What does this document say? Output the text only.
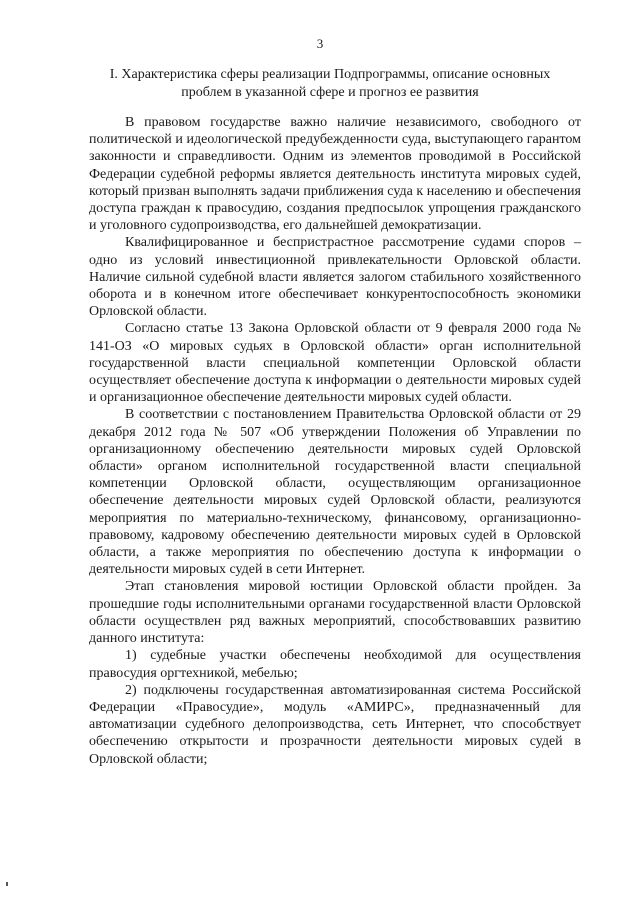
3
I. Характеристика сферы реализации Подпрограммы, описание основных
проблем в указанной сфере и прогноз ее развития

В правовом государстве важно наличие независимого, свободного от политической и идеологической предубежденности суда, выступающего гарантом законности и справедливости. Одним из элементов проводимой в Российской Федерации судебной реформы является деятельность института мировых судей, который призван выполнять задачи приближения суда к населению и обеспечения доступа граждан к правосудию, создания предпосылок упрощения гражданского и уголовного судопроизводства, его дальнейшей демократизации.

Квалифицированное и беспристрастное рассмотрение судами споров – одно из условий инвестиционной привлекательности Орловской области. Наличие сильной судебной власти является залогом стабильного хозяйственного оборота и в конечном итоге обеспечивает конкурентоспособность экономики Орловской области.

Согласно статье 13 Закона Орловской области от 9 февраля 2000 года № 141-ОЗ «О мировых судьях в Орловской области» орган исполнительной государственной власти специальной компетенции Орловской области осуществляет обеспечение доступа к информации о деятельности мировых судей и организационное обеспечение деятельности мировых судей области.

В соответствии с постановлением Правительства Орловской области от 29 декабря 2012 года № 507 «Об утверждении Положения об Управлении по организационному обеспечению деятельности мировых судей Орловской области» органом исполнительной государственной власти специальной компетенции Орловской области, осуществляющим организационное обеспечение деятельности мировых судей Орловской области, реализуются мероприятия по материально-техническому, финансовому, организационно-правовому, кадровому обеспечению деятельности мировых судей в Орловской области, а также мероприятия по обеспечению доступа к информации о деятельности мировых судей в сети Интернет.

Этап становления мировой юстиции Орловской области пройден. За прошедшие годы исполнительными органами государственной власти Орловской области осуществлен ряд важных мероприятий, способствовавших развитию данного института:

1) судебные участки обеспечены необходимой для осуществления правосудия оргтехникой, мебелью;

2) подключены государственная автоматизированная система Российской Федерации «Правосудие», модуль «АМИРС», предназначенный для автоматизации судебного делопроизводства, сеть Интернет, что способствует обеспечению открытости и прозрачности деятельности мировых судей в Орловской области;
